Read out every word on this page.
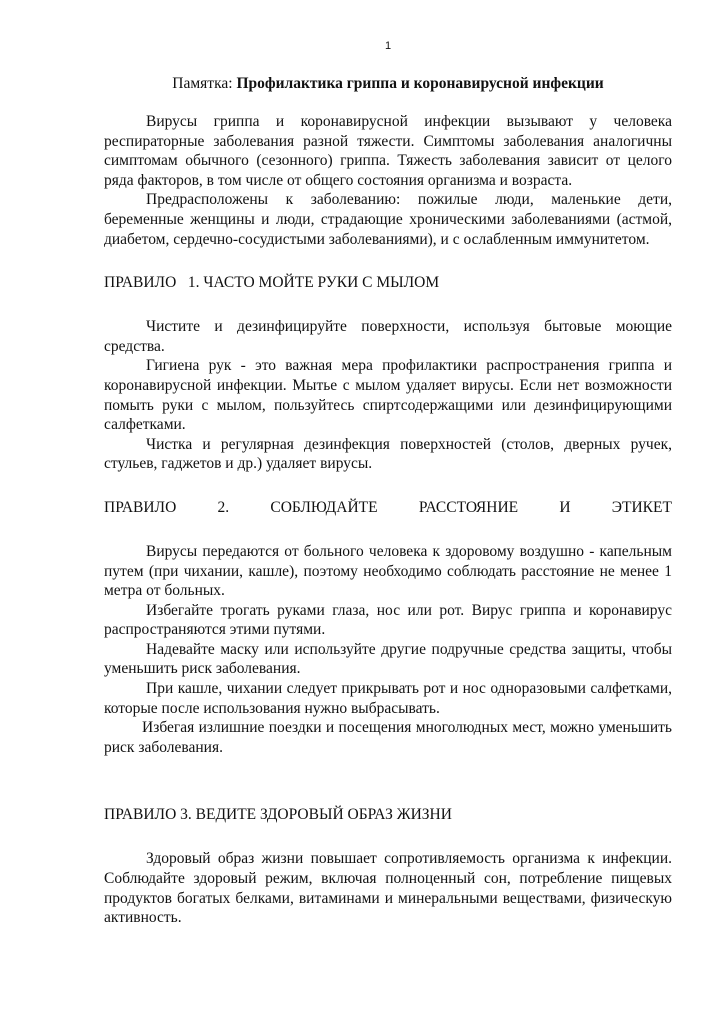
1
Памятка: Профилактика гриппа и коронавирусной инфекции

Вирусы гриппа и коронавирусной инфекции вызывают у человека респираторные заболевания разной тяжести. Симптомы заболевания аналогичны симптомам обычного (сезонного) гриппа. Тяжесть заболевания зависит от целого ряда факторов, в том числе от общего состояния организма и возраста.

Предрасположены к заболеванию: пожилые люди, маленькие дети, беременные женщины и люди, страдающие хроническими заболеваниями (астмой, диабетом, сердечно-сосудистыми заболеваниями), и с ослабленным иммунитетом.

ПРАВИЛО   1. ЧАСТО МОЙТЕ РУКИ С МЫЛОМ

Чистите и дезинфицируйте поверхности, используя бытовые моющие средства.

Гигиена рук - это важная мера профилактики распространения гриппа и коронавирусной инфекции. Мытье с мылом удаляет вирусы. Если нет возможности помыть руки с мылом, пользуйтесь спиртсодержащими или дезинфицирующими салфетками.

Чистка и регулярная дезинфекция поверхностей (столов, дверных ручек, стульев, гаджетов и др.) удаляет вирусы.

ПРАВИЛО	2.	СОБЛЮДАЙТЕ	РАССТОЯНИЕ	И	ЭТИКЕТ

Вирусы передаются от больного человека к здоровому воздушно - капельным путем (при чихании, кашле), поэтому необходимо соблюдать расстояние не менее 1 метра от больных.

Избегайте трогать руками глаза, нос или рот. Вирус гриппа и коронавирус распространяются этими путями.

Надевайте маску или используйте другие подручные средства защиты, чтобы уменьшить риск заболевания.

При кашле, чихании следует прикрывать рот и нос одноразовыми салфетками, которые после использования нужно выбрасывать.

Избегая излишние поездки и посещения многолюдных мест, можно уменьшить риск заболевания.

ПРАВИЛО 3. ВЕДИТЕ ЗДОРОВЫЙ ОБРАЗ ЖИЗНИ

Здоровый образ жизни повышает сопротивляемость организма к инфекции. Соблюдайте здоровый режим, включая полноценный сон, потребление пищевых продуктов богатых белками, витаминами и минеральными веществами, физическую активность.
